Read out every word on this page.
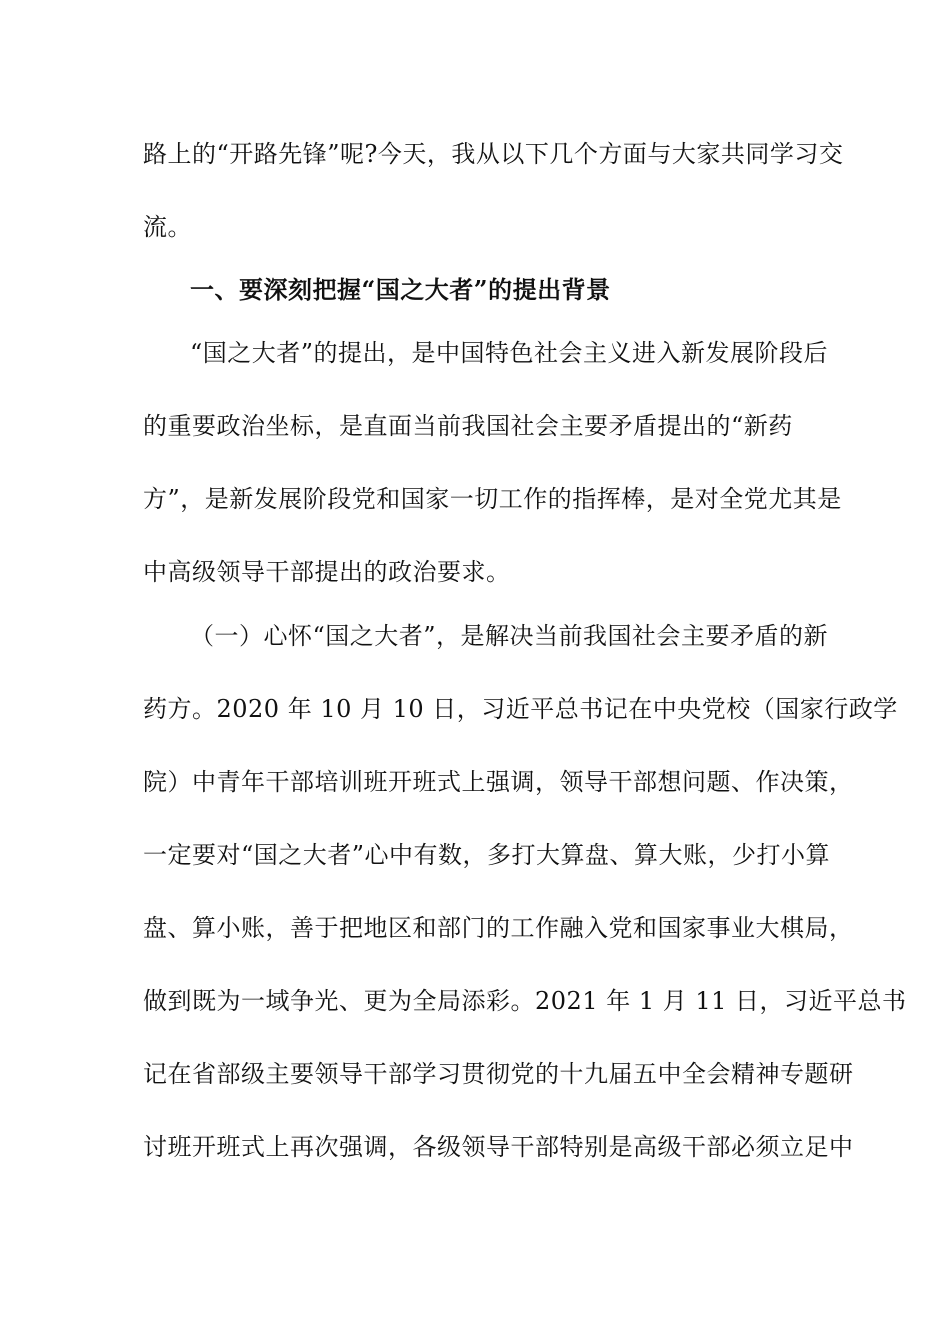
路上的“开路先锋”呢?今天，我从以下几个方面与大家共同学习交
流。
一、要深刻把握“国之大者”的提出背景
“国之大者”的提出，是中国特色社会主义进入新发展阶段后
的重要政治坐标，是直面当前我国社会主要矛盾提出的“新药
方”，是新发展阶段党和国家一切工作的指挥棒，是对全党尤其是
中高级领导干部提出的政治要求。
（一）心怀“国之大者”，是解决当前我国社会主要矛盾的新
药方。2020 年 10 月 10 日，习近平总书记在中央党校（国家行政学
院）中青年干部培训班开班式上强调，领导干部想问题、作决策，
一定要对“国之大者”心中有数，多打大算盘、算大账，少打小算
盘、算小账，善于把地区和部门的工作融入党和国家事业大棋局，
做到既为一域争光、更为全局添彩。2021 年 1 月 11 日，习近平总书
记在省部级主要领导干部学习贯彻党的十九届五中全会精神专题研
讨班开班式上再次强调，各级领导干部特别是高级干部必须立足中
